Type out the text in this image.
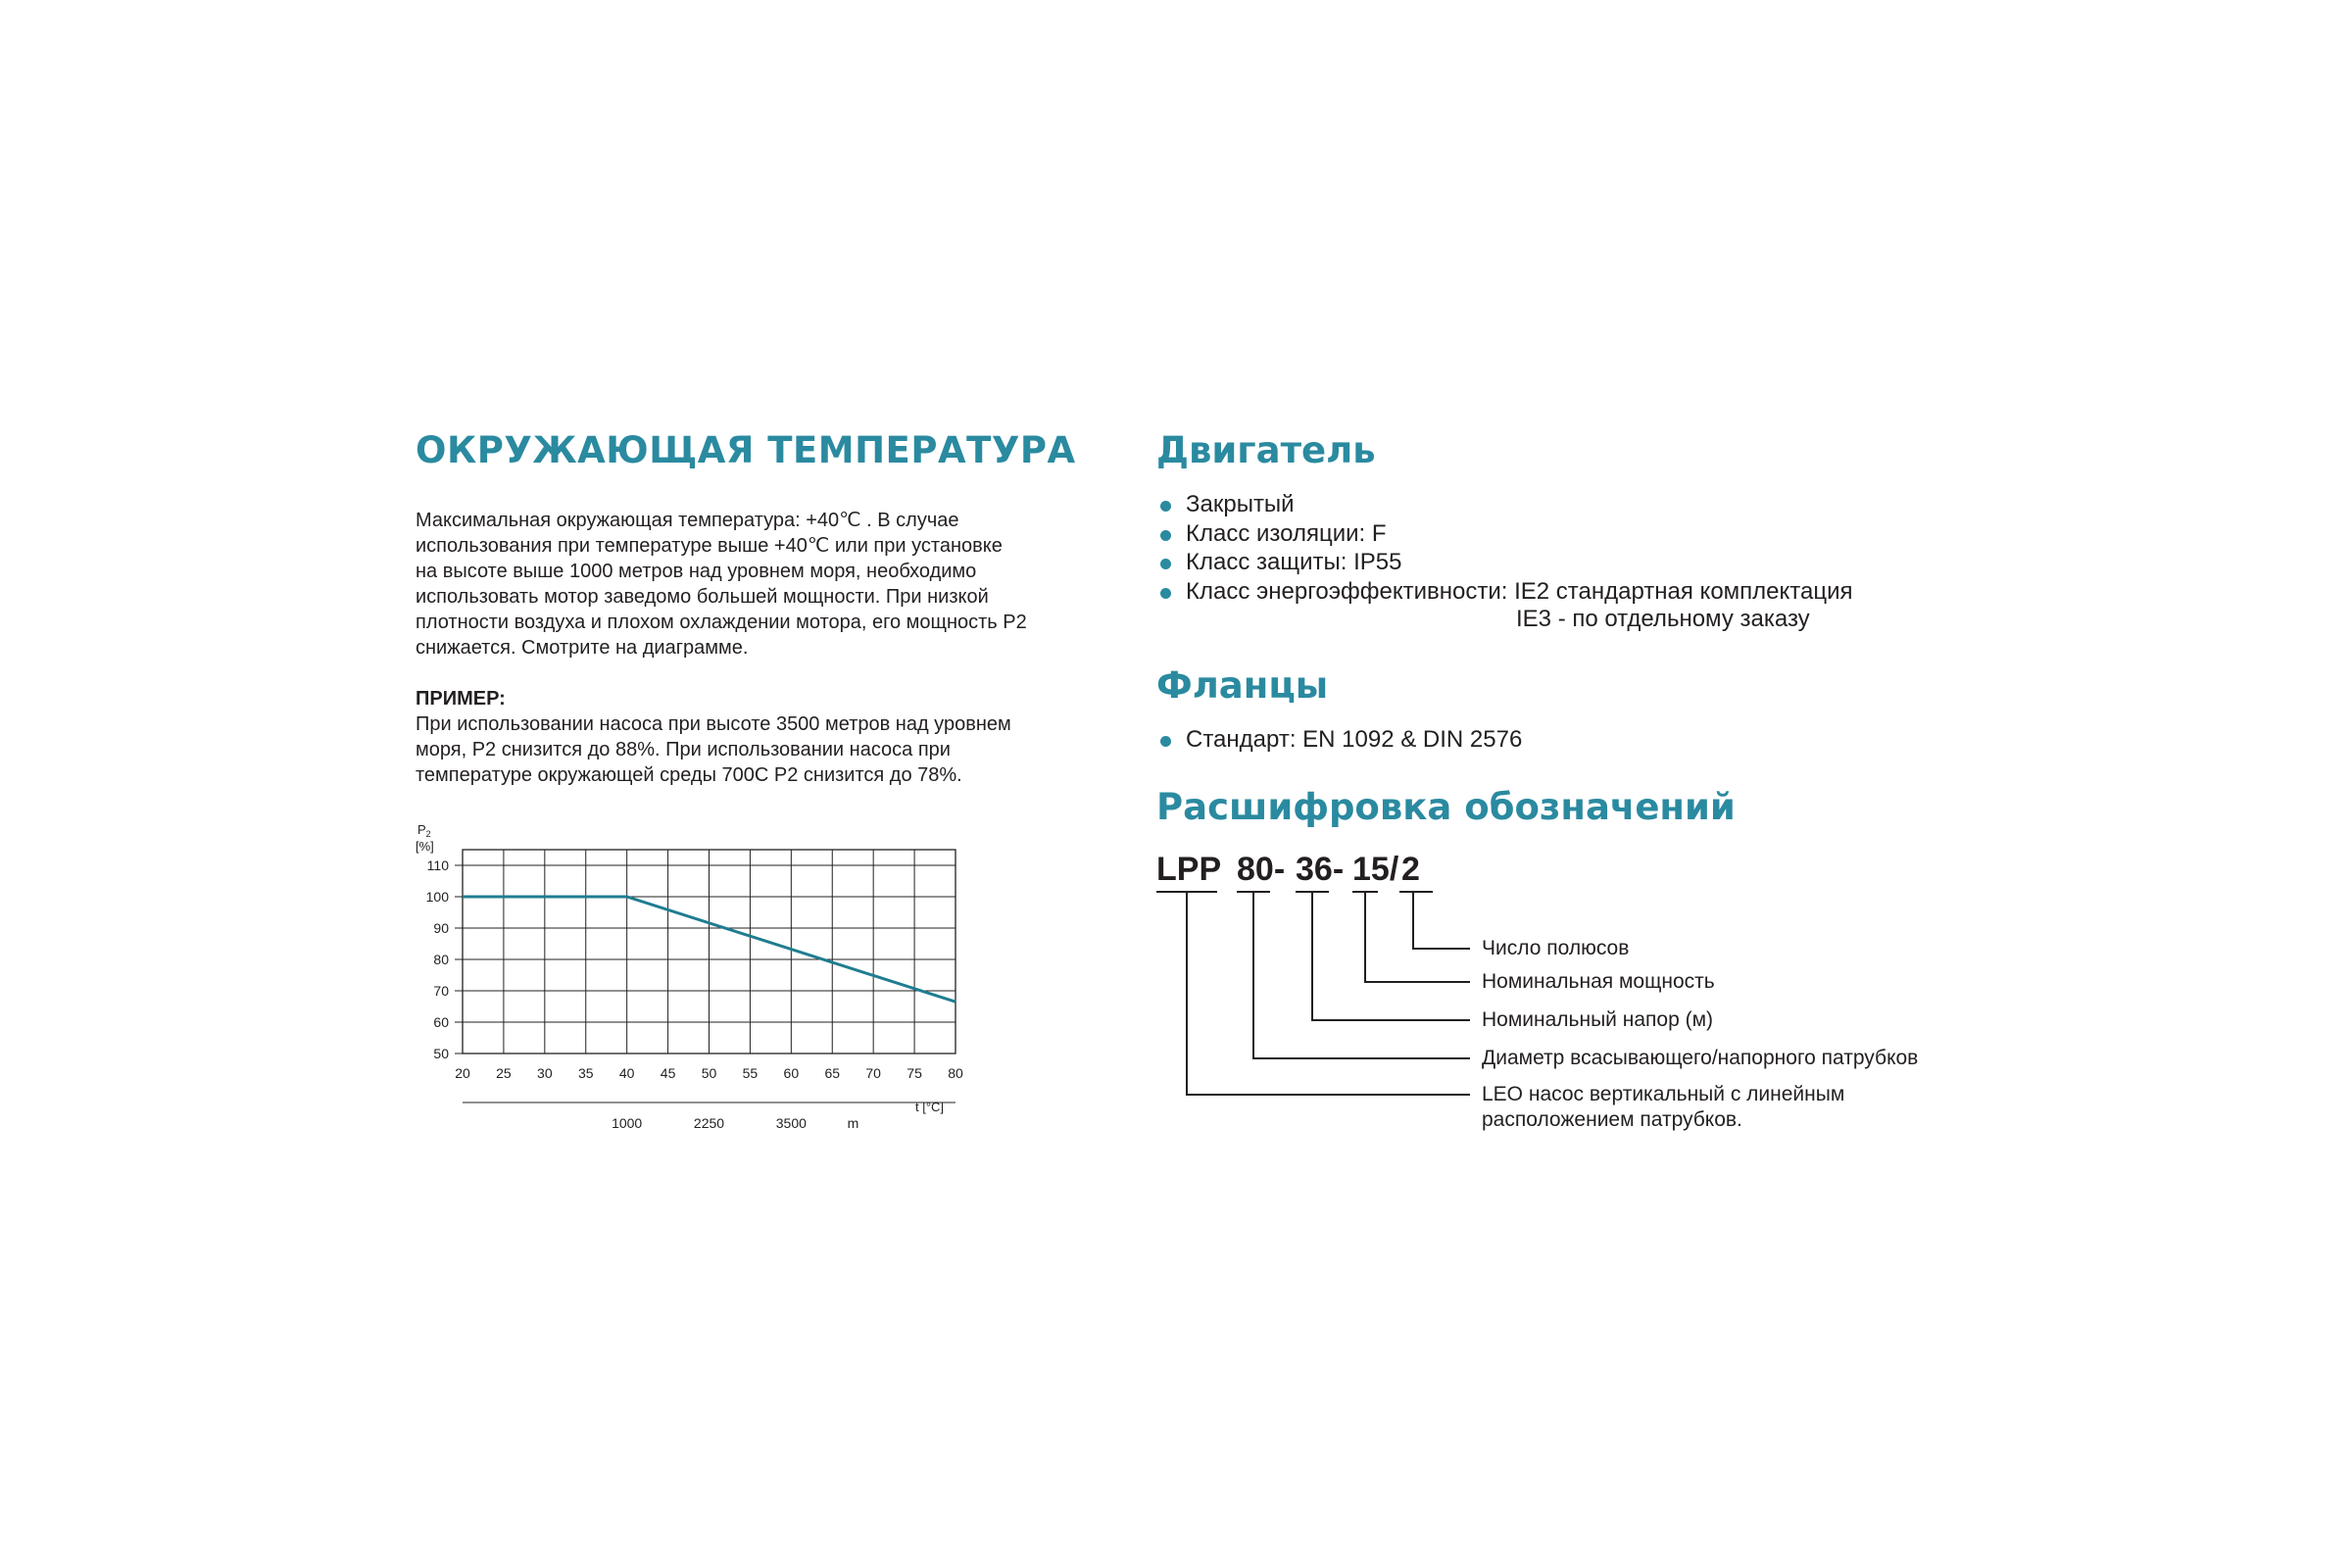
ОКРУЖАЮЩАЯ ТЕМПЕРАТУРА

Максимальная окружающая температура: +40℃ . В случае

использования при температуре выше +40℃ или при установке

на высоте выше 1000 метров над уровнем моря, необходимо

использовать мотор заведомо большей мощности. При низкой

плотности воздуха и плохом охлаждении мотора, его мощность Р2

снижается. Смотрите на диаграмме.

ПРИМЕР:

При использовании насоса при высоте 3500 метров над уровнем

моря, Р2 снизится до 88%. При использовании насоса при

температуре окружающей среды 700С Р2 снизится до 78%.

$P_2$
[%]
110
100
90
80
70
60
50
20 25 30 35 40 45 50 55 60 65 70 75 80
1000	2250	3500	m
t [°C]
Двигатель
Закрытый
Класс изоляции: F
Класс защиты: IP55
Класс энергоэффективности: IE2 стандартная комплектация
IE3 - по отдельному заказу
Фланцы
Стандарт: EN 1092 & DIN 2576
Расшифровка обозначений
LPP 80- 36- 15/ 2
Число полюсов
Номинальная мощность
Номинальный напор (м)
Диаметр всасывающего/напорного патрубков
LEO насос вертикальный с линейным
расположением патрубков.
